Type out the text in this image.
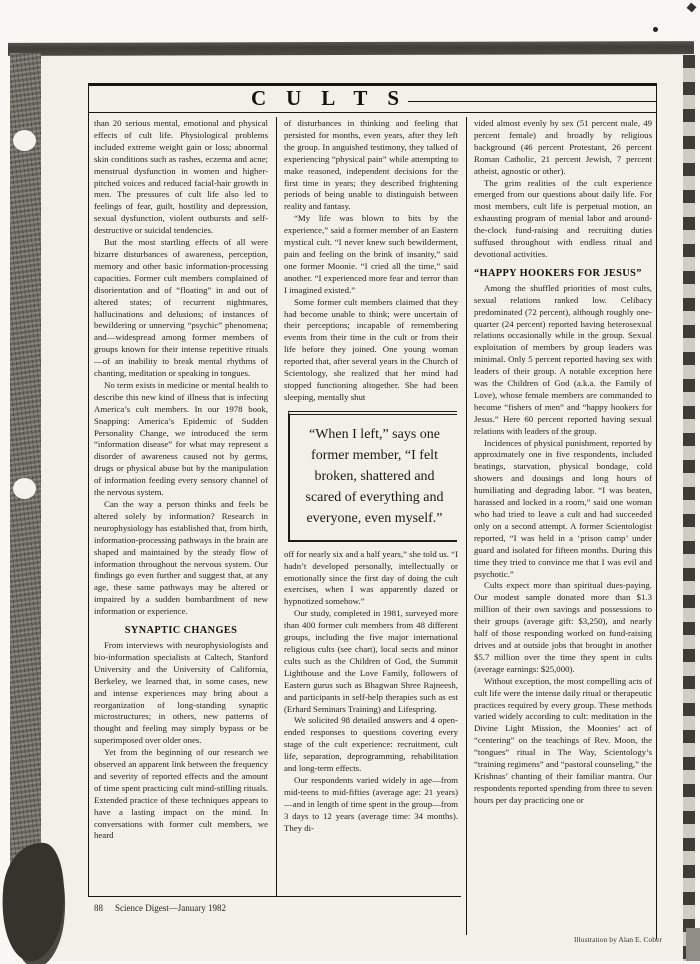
CULTS

than 20 serious mental, emotional and physical effects of cult life. Physiological problems included extreme weight gain or loss; abnormal skin conditions such as rashes, eczema and acne; menstrual dysfunction in women and higher-pitched voices and reduced facial-hair growth in men. The pressures of cult life also led to feelings of fear, guilt, hostility and depression, sexual dysfunction, violent outbursts and self-destructive or suicidal tendencies.

But the most startling effects of all were bizarre disturbances of awareness, perception, memory and other basic information-processing capacities. Former cult members complained of disorientation and of “floating” in and out of altered states; of recurrent nightmares, hallucinations and delusions; of instances of bewildering or unnerving “psychic” phenomena; and—widespread among former members of groups known for their intense repetitive rituals—of an inability to break mental rhythms of chanting, meditation or speaking in tongues.

No term exists in medicine or mental health to describe this new kind of illness that is infecting America’s cult members. In our 1978 book, Snapping: America’s Epidemic of Sudden Personality Change, we introduced the term “information disease” for what may represent a disorder of awareness caused not by germs, drugs or physical abuse but by the manipulation of information feeding every sensory channel of the nervous system.

Can the way a person thinks and feels be altered solely by information? Research in neurophysiology has established that, from birth, information-processing pathways in the brain are shaped and maintained by the steady flow of information throughout the nervous system. Our findings go even further and suggest that, at any age, these same pathways may be altered or impaired by a sudden bombardment of new information or experience.

SYNAPTIC CHANGES

From interviews with neurophysiologists and bio-information specialists at Caltech, Stanford University and the University of California, Berkeley, we learned that, in some cases, new and intense experiences may bring about a reorganization of long-standing synaptic microstructures; in others, new patterns of thought and feeling may simply bypass or be superimposed over older ones.

Yet from the beginning of our research we observed an apparent link between the frequency and severity of reported effects and the amount of time spent practicing cult mind-stilling rituals. Extended practice of these techniques appears to have a lasting impact on the mind. In conversations with former cult members, we heard

of disturbances in thinking and feeling that persisted for months, even years, after they left the group. In anguished testimony, they talked of experiencing “physical pain” while attempting to make reasoned, independent decisions for the first time in years; they described frightening periods of being unable to distinguish between reality and fantasy.

“My life was blown to bits by the experience,” said a former member of an Eastern mystical cult. “I never knew such bewilderment, pain and feeling on the brink of insanity,” said one former Moonie. “I cried all the time,” said another. “I experienced more fear and terror than I imagined existed.”

Some former cult members claimed that they had become unable to think; were uncertain of their perceptions; incapable of remembering events from their time in the cult or from their life before they joined. One young woman reported that, after several years in the Church of Scientology, she realized that her mind had stopped functioning altogether. She had been sleeping, mentally shut

“When I left,” says one former member, “I felt broken, shattered and scared of everything and everyone, even myself.”

off for nearly six and a half years,” she told us. “I hadn’t developed personally, intellectually or emotionally since the first day of doing the cult exercises, when I was apparently dazed or hypnotized somehow.”

Our study, completed in 1981, surveyed more than 400 former cult members from 48 different groups, including the five major international religious cults (see chart), local sects and minor cults such as the Children of God, the Summit Lighthouse and the Love Family, followers of Eastern gurus such as Bhagwan Shree Rajneesh, and participants in self-help therapies such as est (Erhard Seminars Training) and Lifespring.

We solicited 98 detailed answers and 4 open-ended responses to questions covering every stage of the cult experience: recruitment, cult life, separation, deprogramming, rehabilitation and long-term effects.

Our respondents varied widely in age—from mid-teens to mid-fifties (average age: 21 years)—and in length of time spent in the group—from 3 days to 12 years (average time: 34 months). They di-

vided almost evenly by sex (51 percent male, 49 percent female) and broadly by religious background (46 percent Protestant, 26 percent Roman Catholic, 21 percent Jewish, 7 percent atheist, agnostic or other).

The grim realities of the cult experience emerged from our questions about daily life. For most members, cult life is perpetual motion, an exhausting program of menial labor and around-the-clock fund-raising and recruiting duties suffused throughout with endless ritual and devotional activities.

“HAPPY HOOKERS FOR JESUS”

Among the shuffled priorities of most cults, sexual relations ranked low. Celibacy predominated (72 percent), although roughly one-quarter (24 percent) reported having heterosexual relations occasionally while in the group. Sexual exploitation of members by group leaders was minimal. Only 5 percent reported having sex with leaders of their group. A notable exception here was the Children of God (a.k.a. the Family of Love), whose female members are commanded to become “fishers of men” and “happy hookers for Jesus.” Here 60 percent reported having sexual relations with leaders of the group.

Incidences of physical punishment, reported by approximately one in five respondents, included beatings, starvation, physical bondage, cold showers and dousings and long hours of humiliating and degrading labor. “I was beaten, harassed and locked in a room,” said one woman who had tried to leave a cult and had succeeded only on a second attempt. A former Scientologist reported, “I was held in a ‘prison camp’ under guard and isolated for fifteen months. During this time they tried to convince me that I was evil and psychotic.”

Cults expect more than spiritual dues-paying. Our modest sample donated more than $1.3 million of their own savings and possessions to their groups (average gift: $3,250), and nearly half of those responding worked on fund-raising drives and at outside jobs that brought in another $5.7 million over the time they spent in cults (average earnings: $25,000).

Without exception, the most compelling acts of cult life were the intense daily ritual or therapeutic practices required by every group. These methods varied widely according to cult: meditation in the Divine Light Mission, the Moonies’ act of “centering” on the teachings of Rev. Moon, the “tongues” ritual in The Way, Scientology’s “training regimens” and “pastoral counseling,” the Krishnas’ chanting of their familiar mantra. Our respondents reported spending from three to seven hours per day practicing one or

88 Science Digest—January 1982
Illustration by Alan E. Cober
